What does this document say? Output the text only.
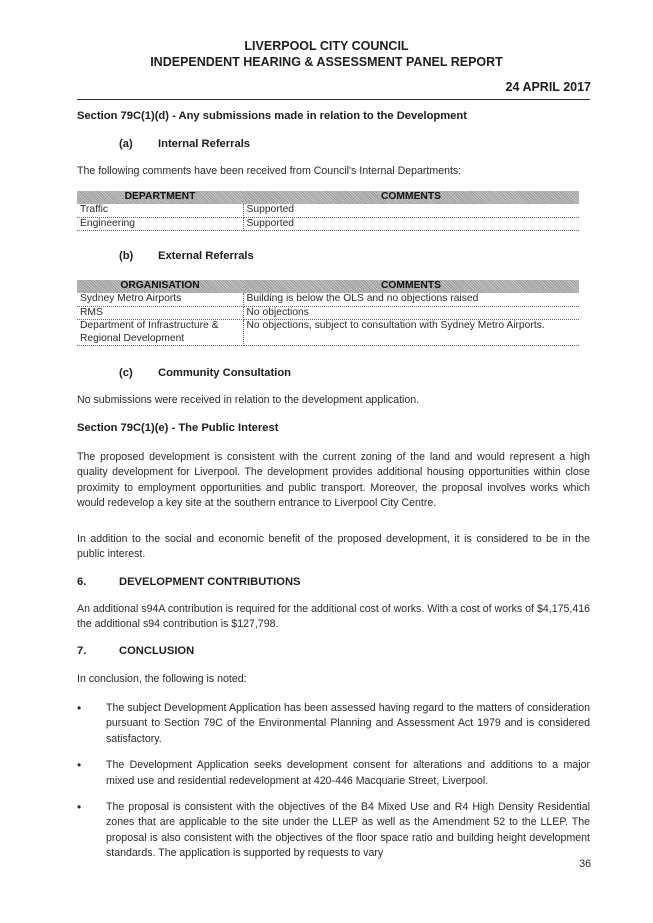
LIVERPOOL CITY COUNCIL
INDEPENDENT HEARING & ASSESSMENT PANEL REPORT
24 APRIL 2017
Section 79C(1)(d) - Any submissions made in relation to the Development
(a) Internal Referrals
The following comments have been received from Council's Internal Departments:
DEPARTMENT	COMMENTS
Traffic	Supported
Engineering	Supported
(b) External Referrals
ORGANISATION	COMMENTS
Sydney Metro Airports	Building is below the OLS and no objections raised
RMS	No objections
Department of Infrastructure & Regional Development	No objections, subject to consultation with Sydney Metro Airports.
(c) Community Consultation
No submissions were received in relation to the development application.
Section 79C(1)(e) - The Public Interest
The proposed development is consistent with the current zoning of the land and would represent a high quality development for Liverpool. The development provides additional housing opportunities within close proximity to employment opportunities and public transport. Moreover, the proposal involves works which would redevelop a key site at the southern entrance to Liverpool City Centre.
In addition to the social and economic benefit of the proposed development, it is considered to be in the public interest.
6.	DEVELOPMENT CONTRIBUTIONS
An additional s94A contribution is required for the additional cost of works. With a cost of works of $4,175,416 the additional s94 contribution is $127,798.
7.	CONCLUSION
In conclusion, the following is noted:
• The subject Development Application has been assessed having regard to the matters of consideration pursuant to Section 79C of the Environmental Planning and Assessment Act 1979 and is considered satisfactory.
• The Development Application seeks development consent for alterations and additions to a major mixed use and residential redevelopment at 420-446 Macquarie Street, Liverpool.
• The proposal is consistent with the objectives of the B4 Mixed Use and R4 High Density Residential zones that are applicable to the site under the LLEP as well as the Amendment 52 to the LLEP. The proposal is also consistent with the objectives of the floor space ratio and building height development standards. The application is supported by requests to vary
36
